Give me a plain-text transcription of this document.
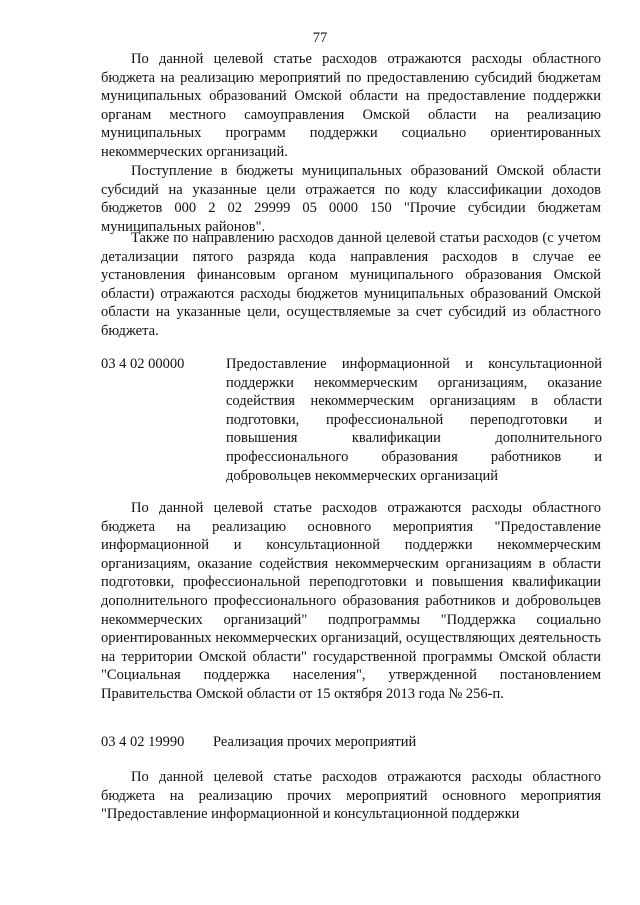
77

По данной целевой статье расходов отражаются расходы областного бюджета на реализацию мероприятий по предоставлению субсидий бюджетам муниципальных образований Омской области на предоставление поддержки органам местного самоуправления Омской области на реализацию муниципальных программ поддержки социально ориентированных некоммерческих организаций.

Поступление в бюджеты муниципальных образований Омской области субсидий на указанные цели отражается по коду классификации доходов бюджетов 000 2 02 29999 05 0000 150 "Прочие субсидии бюджетам муниципальных районов".

Также по направлению расходов данной целевой статьи расходов (с учетом детализации пятого разряда кода направления расходов в случае ее установления финансовым органом муниципального образования Омской области) отражаются расходы бюджетов муниципальных образований Омской области на указанные цели, осуществляемые за счет субсидий из областного бюджета.

03 4 02 00000	Предоставление информационной и консультационной поддержки некоммерческим организациям, оказание содействия некоммерческим организациям в области подготовки, профессиональной переподготовки и повышения квалификации дополнительного профессионального образования работников и добровольцев некоммерческих организаций

По данной целевой статье расходов отражаются расходы областного бюджета на реализацию основного мероприятия "Предоставление информационной и консультационной поддержки некоммерческим организациям, оказание содействия некоммерческим организациям в области подготовки, профессиональной переподготовки и повышения квалификации дополнительного профессионального образования работников и добровольцев некоммерческих организаций" подпрограммы "Поддержка социально ориентированных некоммерческих организаций, осуществляющих деятельность на территории Омской области" государственной программы Омской области "Социальная поддержка населения", утвержденной постановлением Правительства Омской области от 15 октября 2013 года № 256-п.

03 4 02 19990 Реализация прочих мероприятий

По данной целевой статье расходов отражаются расходы областного бюджета на реализацию прочих мероприятий основного мероприятия "Предоставление информационной и консультационной поддержки
